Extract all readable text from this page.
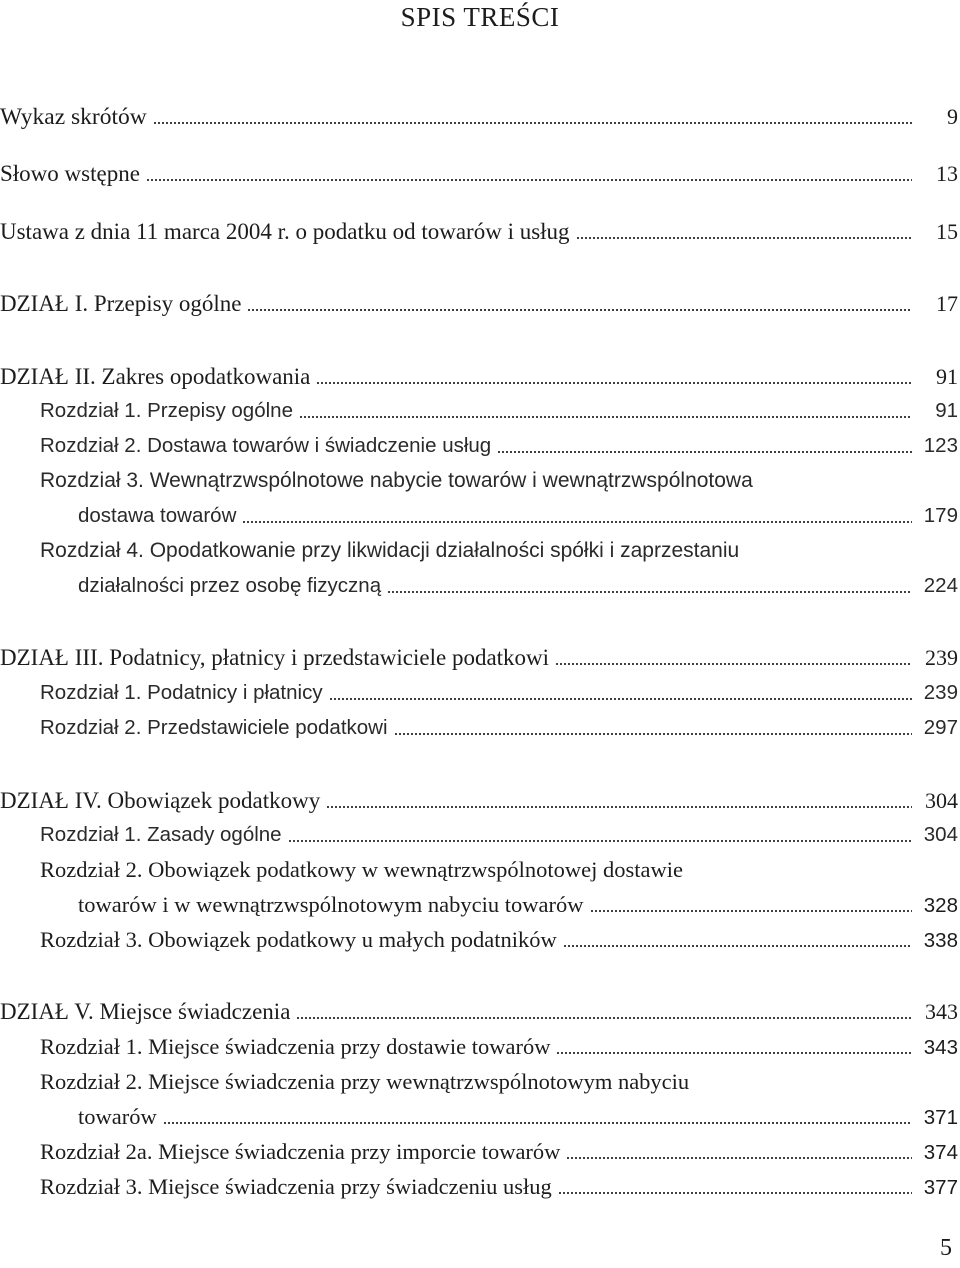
SPIS TREŚCI
Wykaz skrótów	9
Słowo wstępne	13
Ustawa z dnia 11 marca 2004 r. o podatku od towarów i usług	15
DZIAŁ I. Przepisy ogólne	17
DZIAŁ II. Zakres opodatkowania	91
Rozdział 1. Przepisy ogólne	91
Rozdział 2. Dostawa towarów i świadczenie usług	123
Rozdział 3. Wewnątrzwspólnotowe nabycie towarów i wewnątrzwspólnotowa
dostawa towarów	179
Rozdział 4. Opodatkowanie przy likwidacji działalności spółki i zaprzestaniu
działalności przez osobę fizyczną	224
DZIAŁ III. Podatnicy, płatnicy i przedstawiciele podatkowi	239
Rozdział 1. Podatnicy i płatnicy	239
Rozdział 2. Przedstawiciele podatkowi	297
DZIAŁ IV. Obowiązek podatkowy	304
Rozdział 1. Zasady ogólne	304
Rozdział 2. Obowiązek podatkowy w wewnątrzwspólnotowej dostawie
towarów i w wewnątrzwspólnotowym nabyciu towarów	328
Rozdział 3. Obowiązek podatkowy u małych podatników	338
DZIAŁ V. Miejsce świadczenia	343
Rozdział 1. Miejsce świadczenia przy dostawie towarów	343
Rozdział 2. Miejsce świadczenia przy wewnątrzwspólnotowym nabyciu
towarów	371
Rozdział 2a. Miejsce świadczenia przy imporcie towarów	374
Rozdział 3. Miejsce świadczenia przy świadczeniu usług	377
5
